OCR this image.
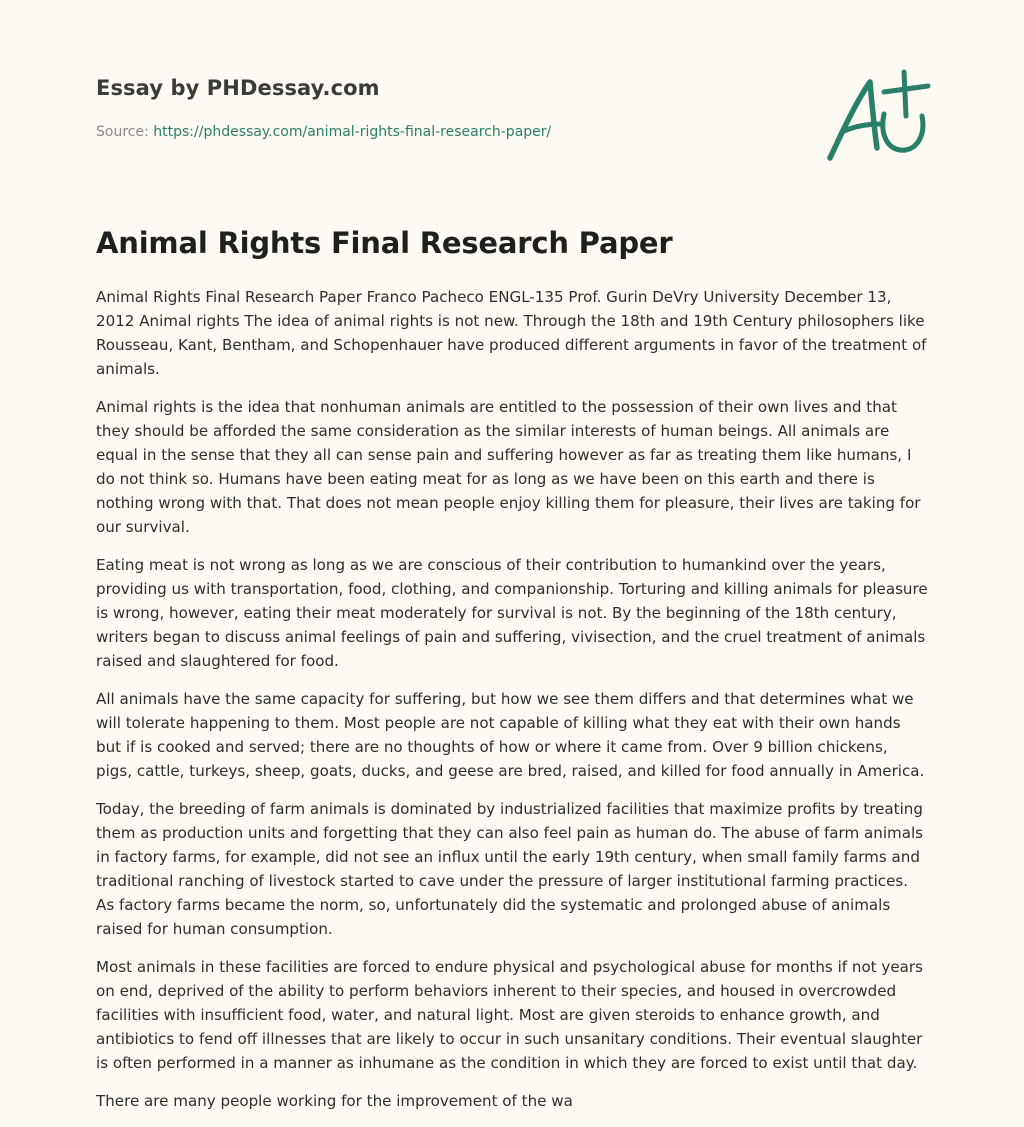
Essay by PHDessay.com
Source: https://phdessay.com/animal-rights-final-research-paper/
Animal Rights Final Research Paper

Animal Rights Final Research Paper Franco Pacheco ENGL-135 Prof. Gurin DeVry University December 13, 2012 Animal rights The idea of animal rights is not new. Through the 18th and 19th Century philosophers like Rousseau, Kant, Bentham, and Schopenhauer have produced different arguments in favor of the treatment of animals.

Animal rights is the idea that nonhuman animals are entitled to the possession of their own lives and that they should be afforded the same consideration as the similar interests of human beings. All animals are equal in the sense that they all can sense pain and suffering however as far as treating them like humans, I do not think so. Humans have been eating meat for as long as we have been on this earth and there is nothing wrong with that. That does not mean people enjoy killing them for pleasure, their lives are taking for our survival.

Eating meat is not wrong as long as we are conscious of their contribution to humankind over the years, providing us with transportation, food, clothing, and companionship. Torturing and killing animals for pleasure is wrong, however, eating their meat moderately for survival is not. By the beginning of the 18th century, writers began to discuss animal feelings of pain and suffering, vivisection, and the cruel treatment of animals raised and slaughtered for food.

All animals have the same capacity for suffering, but how we see them differs and that determines what we will tolerate happening to them. Most people are not capable of killing what they eat with their own hands but if is cooked and served; there are no thoughts of how or where it came from. Over 9 billion chickens, pigs, cattle, turkeys, sheep, goats, ducks, and geese are bred, raised, and killed for food annually in America.

Today, the breeding of farm animals is dominated by industrialized facilities that maximize profits by treating them as production units and forgetting that they can also feel pain as human do. The abuse of farm animals in factory farms, for example, did not see an influx until the early 19th century, when small family farms and traditional ranching of livestock started to cave under the pressure of larger institutional farming practices. As factory farms became the norm, so, unfortunately did the systematic and prolonged abuse of animals raised for human consumption.

Most animals in these facilities are forced to endure physical and psychological abuse for months if not years on end, deprived of the ability to perform behaviors inherent to their species, and housed in overcrowded facilities with insufficient food, water, and natural light. Most are given steroids to enhance growth, and antibiotics to fend off illnesses that are likely to occur in such unsanitary conditions. Their eventual slaughter is often performed in a manner as inhumane as the condition in which they are forced to exist until that day.

There are many people working for the improvement of the wa
